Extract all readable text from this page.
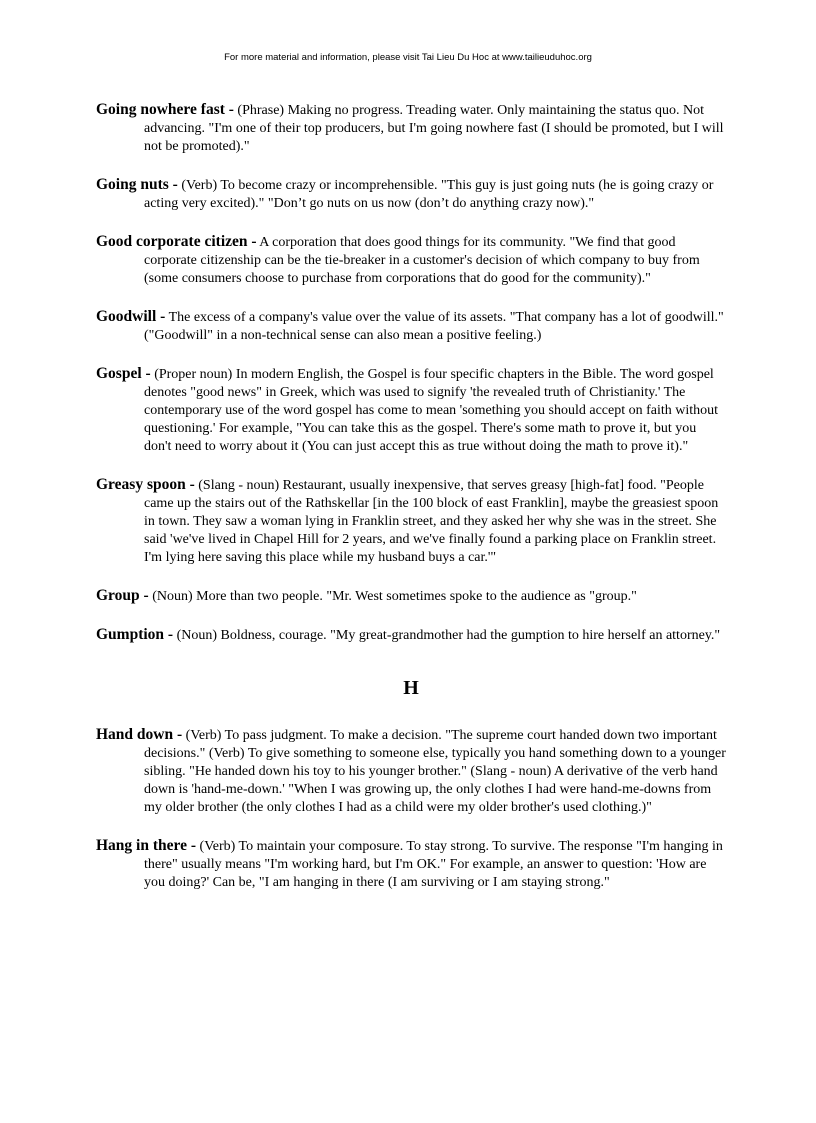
For more material and information, please visit Tai Lieu Du Hoc at www.tailieuduhoc.org

Going nowhere fast - (Phrase) Making no progress. Treading water. Only maintaining the status quo. Not advancing. "I'm one of their top producers, but I'm going nowhere fast (I should be promoted, but I will not be promoted)."

Going nuts - (Verb) To become crazy or incomprehensible. "This guy is just going nuts (he is going crazy or acting very excited)." "Don’t go nuts on us now (don’t do anything crazy now)."

Good corporate citizen - A corporation that does good things for its community. "We find that good corporate citizenship can be the tie-breaker in a customer's decision of which company to buy from (some consumers choose to purchase from corporations that do good for the community)."

Goodwill - The excess of a company's value over the value of its assets. "That company has a lot of goodwill." ("Goodwill" in a non-technical sense can also mean a positive feeling.)

Gospel - (Proper noun) In modern English, the Gospel is four specific chapters in the Bible. The word gospel denotes "good news" in Greek, which was used to signify 'the revealed truth of Christianity.' The contemporary use of the word gospel has come to mean 'something you should accept on faith without questioning.' For example, "You can take this as the gospel. There's some math to prove it, but you don't need to worry about it (You can just accept this as true without doing the math to prove it)."

Greasy spoon - (Slang - noun) Restaurant, usually inexpensive, that serves greasy [high-fat] food. "People came up the stairs out of the Rathskellar [in the 100 block of east Franklin], maybe the greasiest spoon in town. They saw a woman lying in Franklin street, and they asked her why she was in the street. She said 'we've lived in Chapel Hill for 2 years, and we've finally found a parking place on Franklin street. I'm lying here saving this place while my husband buys a car.'"

Group - (Noun) More than two people. "Mr. West sometimes spoke to the audience as "group."

Gumption - (Noun) Boldness, courage. "My great-grandmother had the gumption to hire herself an attorney."

H

Hand down - (Verb) To pass judgment. To make a decision. "The supreme court handed down two important decisions." (Verb) To give something to someone else, typically you hand something down to a younger sibling. "He handed down his toy to his younger brother." (Slang - noun) A derivative of the verb hand down is 'hand-me-down.' "When I was growing up, the only clothes I had were hand-me-downs from my older brother (the only clothes I had as a child were my older brother's used clothing.)"

Hang in there - (Verb) To maintain your composure. To stay strong. To survive. The response "I'm hanging in there" usually means "I'm working hard, but I'm OK." For example, an answer to question: 'How are you doing?' Can be, "I am hanging in there (I am surviving or I am staying strong."
